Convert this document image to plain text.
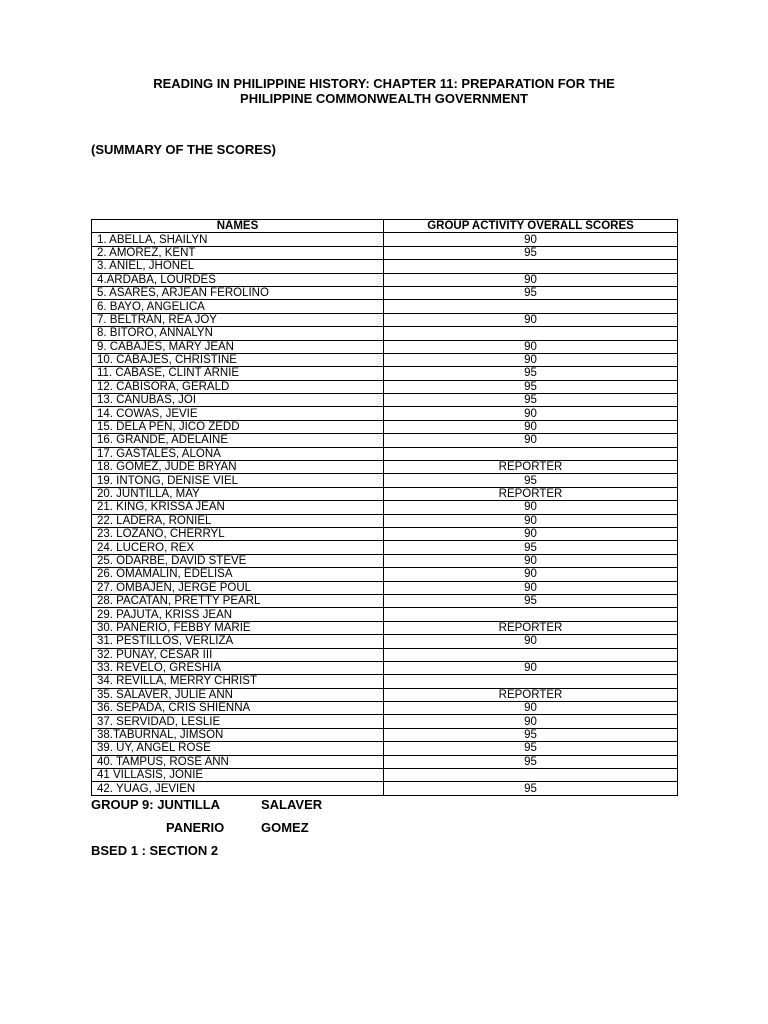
READING IN PHILIPPINE HISTORY: CHAPTER 11: PREPARATION FOR THE
PHILIPPINE COMMONWEALTH GOVERNMENT
(SUMMARY OF THE SCORES)
NAMES	GROUP ACTIVITY OVERALL SCORES
1. ABELLA, SHAILYN	90
2. AMOREZ, KENT	95
3. ANIEL, JHONEL	
4.ARDABA, LOURDES	90
5. ASARES, ARJEAN FEROLINO	95
6. BAYO, ANGELICA	
7. BELTRAN, REA JOY	90
8. BITORO, ANNALYN	
9. CABAJES, MARY JEAN	90
10. CABAJES, CHRISTINE	90
11. CABASE, CLINT ARNIE	95
12. CABISORA, GERALD	95
13. CANUBAS, JOI	95
14. COWAS, JEVIE	90
15. DELA PEN, JICO ZEDD	90
16. GRANDE, ADELAINE	90
17. GASTALES, ALONA	
18. GOMEZ, JUDE BRYAN	REPORTER
19. INTONG, DENISE VIEL	95
20. JUNTILLA, MAY	REPORTER
21. KING, KRISSA JEAN	90
22. LADERA, RONIEL	90
23. LOZANO, CHERRYL	90
24. LUCERO, REX	95
25. ODARBE, DAVID STEVE	90
26. OMAMALIN, EDELISA	90
27. OMBAJEN, JERGE POUL	90
28. PACATAN, PRETTY PEARL	95
29. PAJUTA, KRISS JEAN	
30. PANERIO, FEBBY MARIE	REPORTER
31. PESTILLOS, VERLIZA	90
32. PUNAY, CESAR III	
33. REVELO, GRESHIA	90
34. REVILLA, MERRY CHRIST	
35. SALAVER, JULIE ANN	REPORTER
36. SEPADA, CRIS SHIENNA	90
37. SERVIDAD, LESLIE	90
38.TABURNAL, JIMSON	95
39. UY, ANGEL ROSE	95
40. TAMPUS, ROSE ANN	95
41 VILLASIS, JONIE	
42. YUAG, JEVIEN	95
GROUP 9: JUNTILLA	SALAVER
PANERIO	GOMEZ
BSED 1 : SECTION 2
